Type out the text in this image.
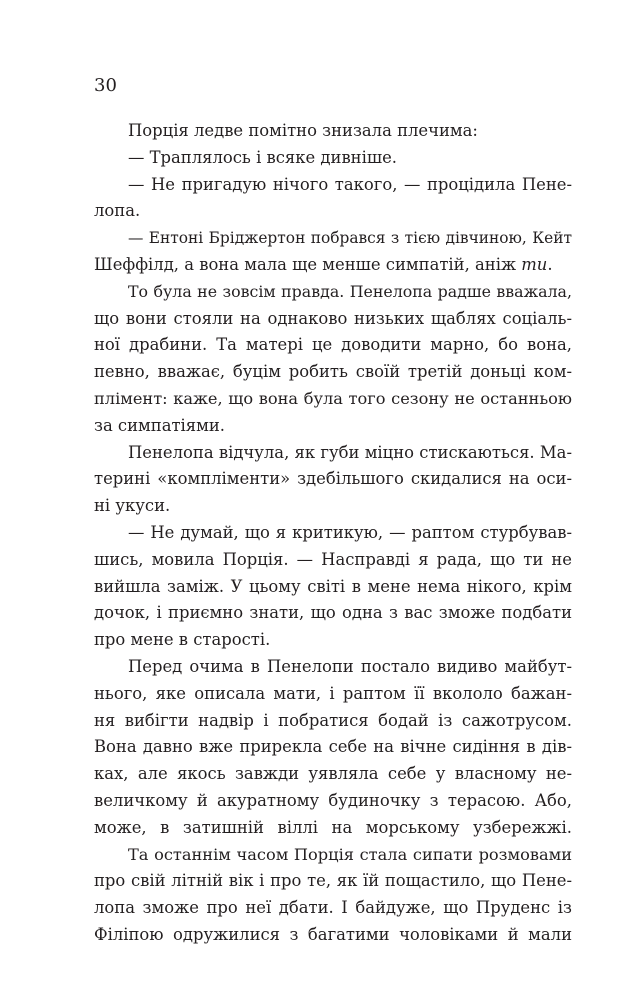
30

Порція ледве помітно знизала плечима:
— Траплялось і всяке дивніше.
— Не пригадую нічого такого, — процідила Пене-
лопа.
— Ентоні Бріджертон побрався з тією дівчиною, Кейт
Шеффілд, а вона мала ще менше симпатій, аніж ти.
То була не зовсім правда. Пенелопа радше вважала,
що вони стояли на однаково низьких щаблях соціаль-
ної драбини. Та матері це доводити марно, бо вона,
певно, вважає, буцім робить своїй третій доньці ком-
плімент: каже, що вона була того сезону не останньою
за симпатіями.
Пенелопа відчула, як губи міцно стискаються. Ма-
терині «компліменти» здебільшого скидалися на оси-
ні укуси.
— Не думай, що я критикую, — раптом стурбував-
шись, мовила Порція. — Насправді я рада, що ти не
вийшла заміж. У цьому світі в мене нема нікого, крім
дочок, і приємно знати, що одна з вас зможе подбати
про мене в старості.
Перед очима в Пенелопи постало видиво майбут-
нього, яке описала мати, і раптом її вкололо бажан-
ня вибігти надвір і побратися бодай із сажотрусом.
Вона давно вже прирекла себе на вічне сидіння в дів-
ках, але якось завжди уявляла себе у власному не-
величкому й акуратному будиночку з терасою. Або,
може, в затишній віллі на морському узбережжі.
Та останнім часом Порція стала сипати розмовами
про свій літній вік і про те, як їй пощастило, що Пене-
лопа зможе про неї дбати. І байдуже, що Пруденс із
Філіпою одружилися з багатими чоловіками й мали
